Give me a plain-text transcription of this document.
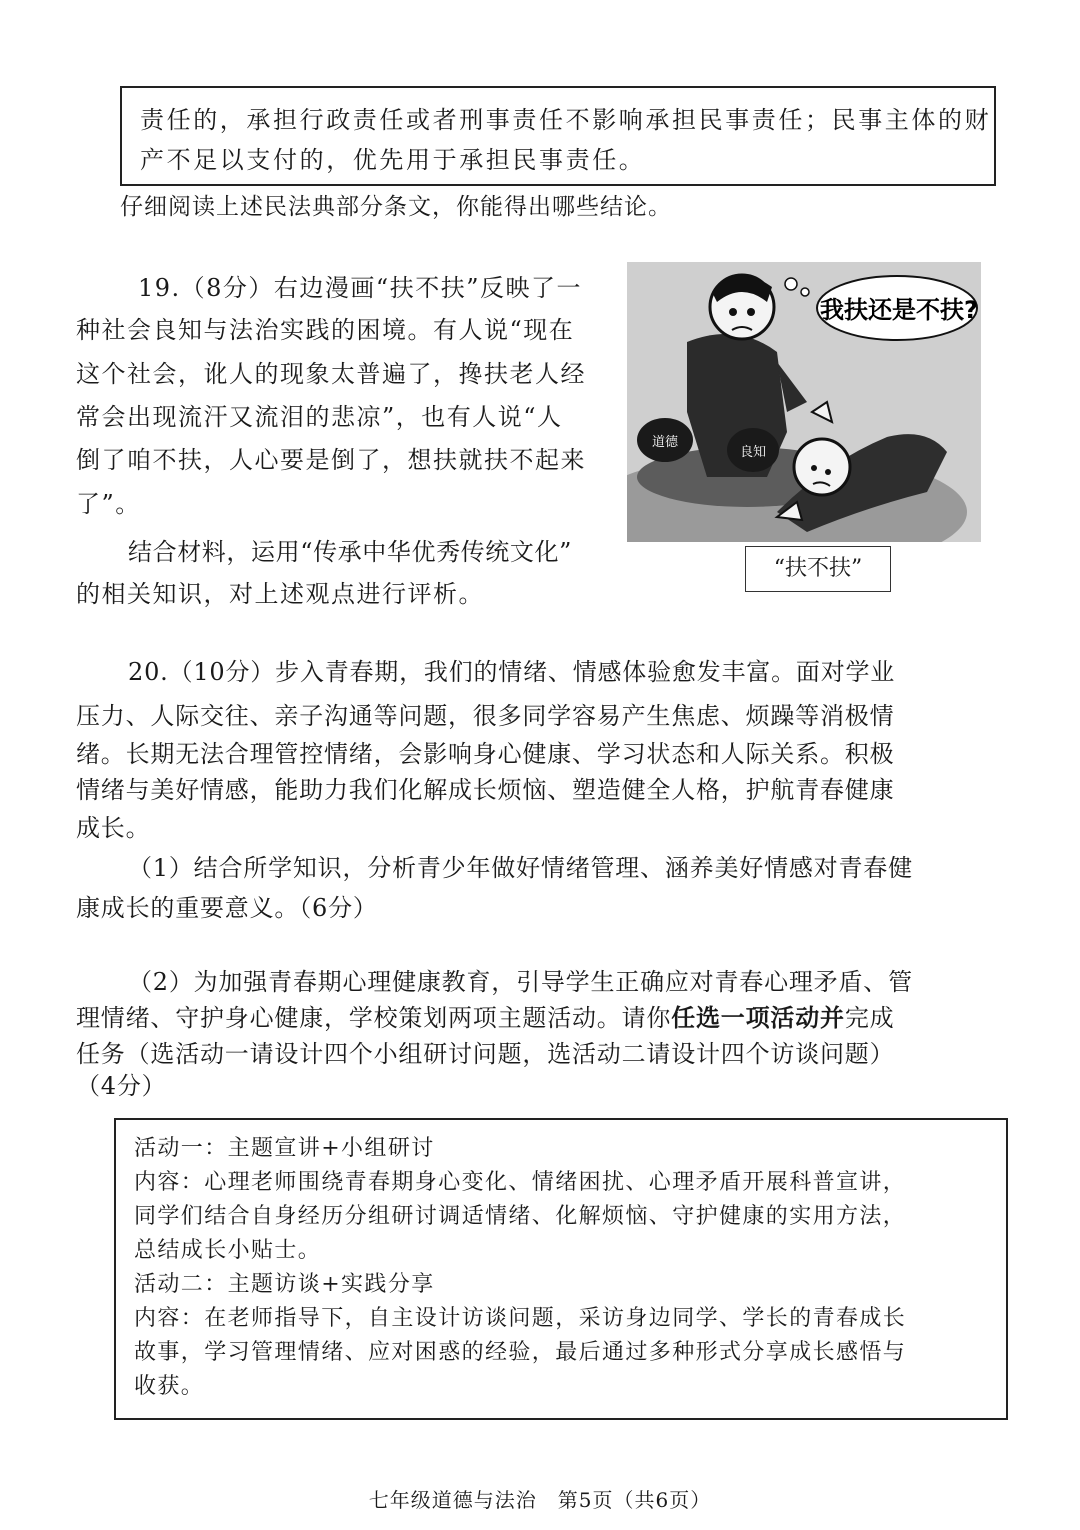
责任的，承担行政责任或者刑事责任不影响承担民事责任；民事主体的财
产不足以支付的，优先用于承担民事责任。
仔细阅读上述民法典部分条文，你能得出哪些结论。
19.（8分）右边漫画“扶不扶”反映了一
种社会良知与法治实践的困境。有人说“现在
这个社会，讹人的现象太普遍了，搀扶老人经
常会出现流汗又流泪的悲凉”，也有人说“人
倒了咱不扶，人心要是倒了，想扶就扶不起来
了”。
结合材料，运用“传承中华优秀传统文化”
的相关知识，对上述观点进行评析。
道德
良知
我扶还是不扶?
“扶不扶”
20.（10分）步入青春期，我们的情绪、情感体验愈发丰富。面对学业
压力、人际交往、亲子沟通等问题，很多同学容易产生焦虑、烦躁等消极情
绪。长期无法合理管控情绪，会影响身心健康、学习状态和人际关系。积极
情绪与美好情感，能助力我们化解成长烦恼、塑造健全人格，护航青春健康
成长。
（1）结合所学知识，分析青少年做好情绪管理、涵养美好情感对青春健
康成长的重要意义。（6分）
（2）为加强青春期心理健康教育，引导学生正确应对青春心理矛盾、管
理情绪、守护身心健康，学校策划两项主题活动。请你任选一项活动并完成
任务（选活动一请设计四个小组研讨问题，选活动二请设计四个访谈问题）
（4分）
活动一：主题宣讲+小组研讨
内容：心理老师围绕青春期身心变化、情绪困扰、心理矛盾开展科普宣讲，
同学们结合自身经历分组研讨调适情绪、化解烦恼、守护健康的实用方法，
总结成长小贴士。
活动二：主题访谈+实践分享
内容：在老师指导下，自主设计访谈问题，采访身边同学、学长的青春成长
故事，学习管理情绪、应对困惑的经验，最后通过多种形式分享成长感悟与
收获。
七年级道德与法治　第5页（共6页）
